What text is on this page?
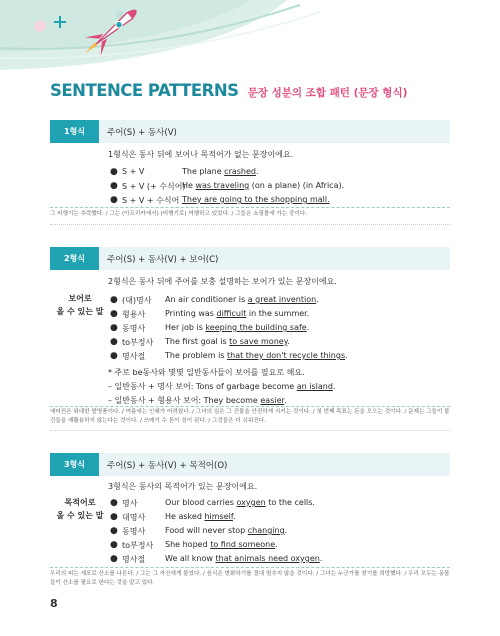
SENTENCE PATTERNS 문장 성분의 조합 패턴 (문장 형식)
1형식	주어(S) + 동사(V)
1형식은 동사 뒤에 보어나 목적어가 없는 문장이에요.
● S + V	The plane crashed.
● S + V (+ 수식어)
He was traveling (on a plane) (in Africa).
● S + V + 수식어 They are going to the shopping mall.
그 비행기는 추락했다. / 그는 (아프리카에서) (비행기로) 여행하고 있었다. / 그들은 쇼핑몰에 가는 중이다.
2형식	주어(S) + 동사(V) + 보어(C)
2형식은 동사 뒤에 주어를 보충 설명하는 보어가 있는 문장이에요.
보어로
올 수 있는 말
● (대)명사 An air conditioner is a great invention.
● 형용사 Printing was difficult in the summer.
● 동명사 Her job is keeping the building safe.
● to부정사 The first goal is to save money.
● 명사절 The problem is that they don't recycle things.
* 주로 be동사와 몇몇 일반동사들이 보어를 필요로 해요.
– 일반동사 + 명사 보어: Tons of garbage become an island.
– 일반동사 + 형용사 보어: They become easier.
에어컨은 위대한 발명품이다. / 여름에는 인쇄가 어려웠다. / 그녀의 일은 그 건물을 안전하게 지키는 것이다. / 첫 번째 목표는 돈을 모으는 것이다. / 문제는 그들이 물건들을 재활용하지 않는다는 것이다. / 쓰레기 수 톤이 섬이 된다. / 그것들은 더 쉬워진다.
3형식	주어(S) + 동사(V) + 목적어(O)
3형식은 동사의 목적어가 있는 문장이에요.
목적어로
올 수 있는 말
● 명사	Our blood carries oxygen to the cells.
● 대명사 He asked himself.
● 동명사 Food will never stop changing.
● to부정사 She hoped to find someone.
● 명사절 We all know that animals need oxygen.
우리의 피는 세포로 산소를 나른다. / 그는 그 자신에게 물었다. / 음식은 변화하기를 절대 멈추지 않을 것이다. / 그녀는 누군가를 찾기를 희망했다. / 우리 모두는 동물들이 산소를 필요로 한다는 것을 알고 있다.
8
